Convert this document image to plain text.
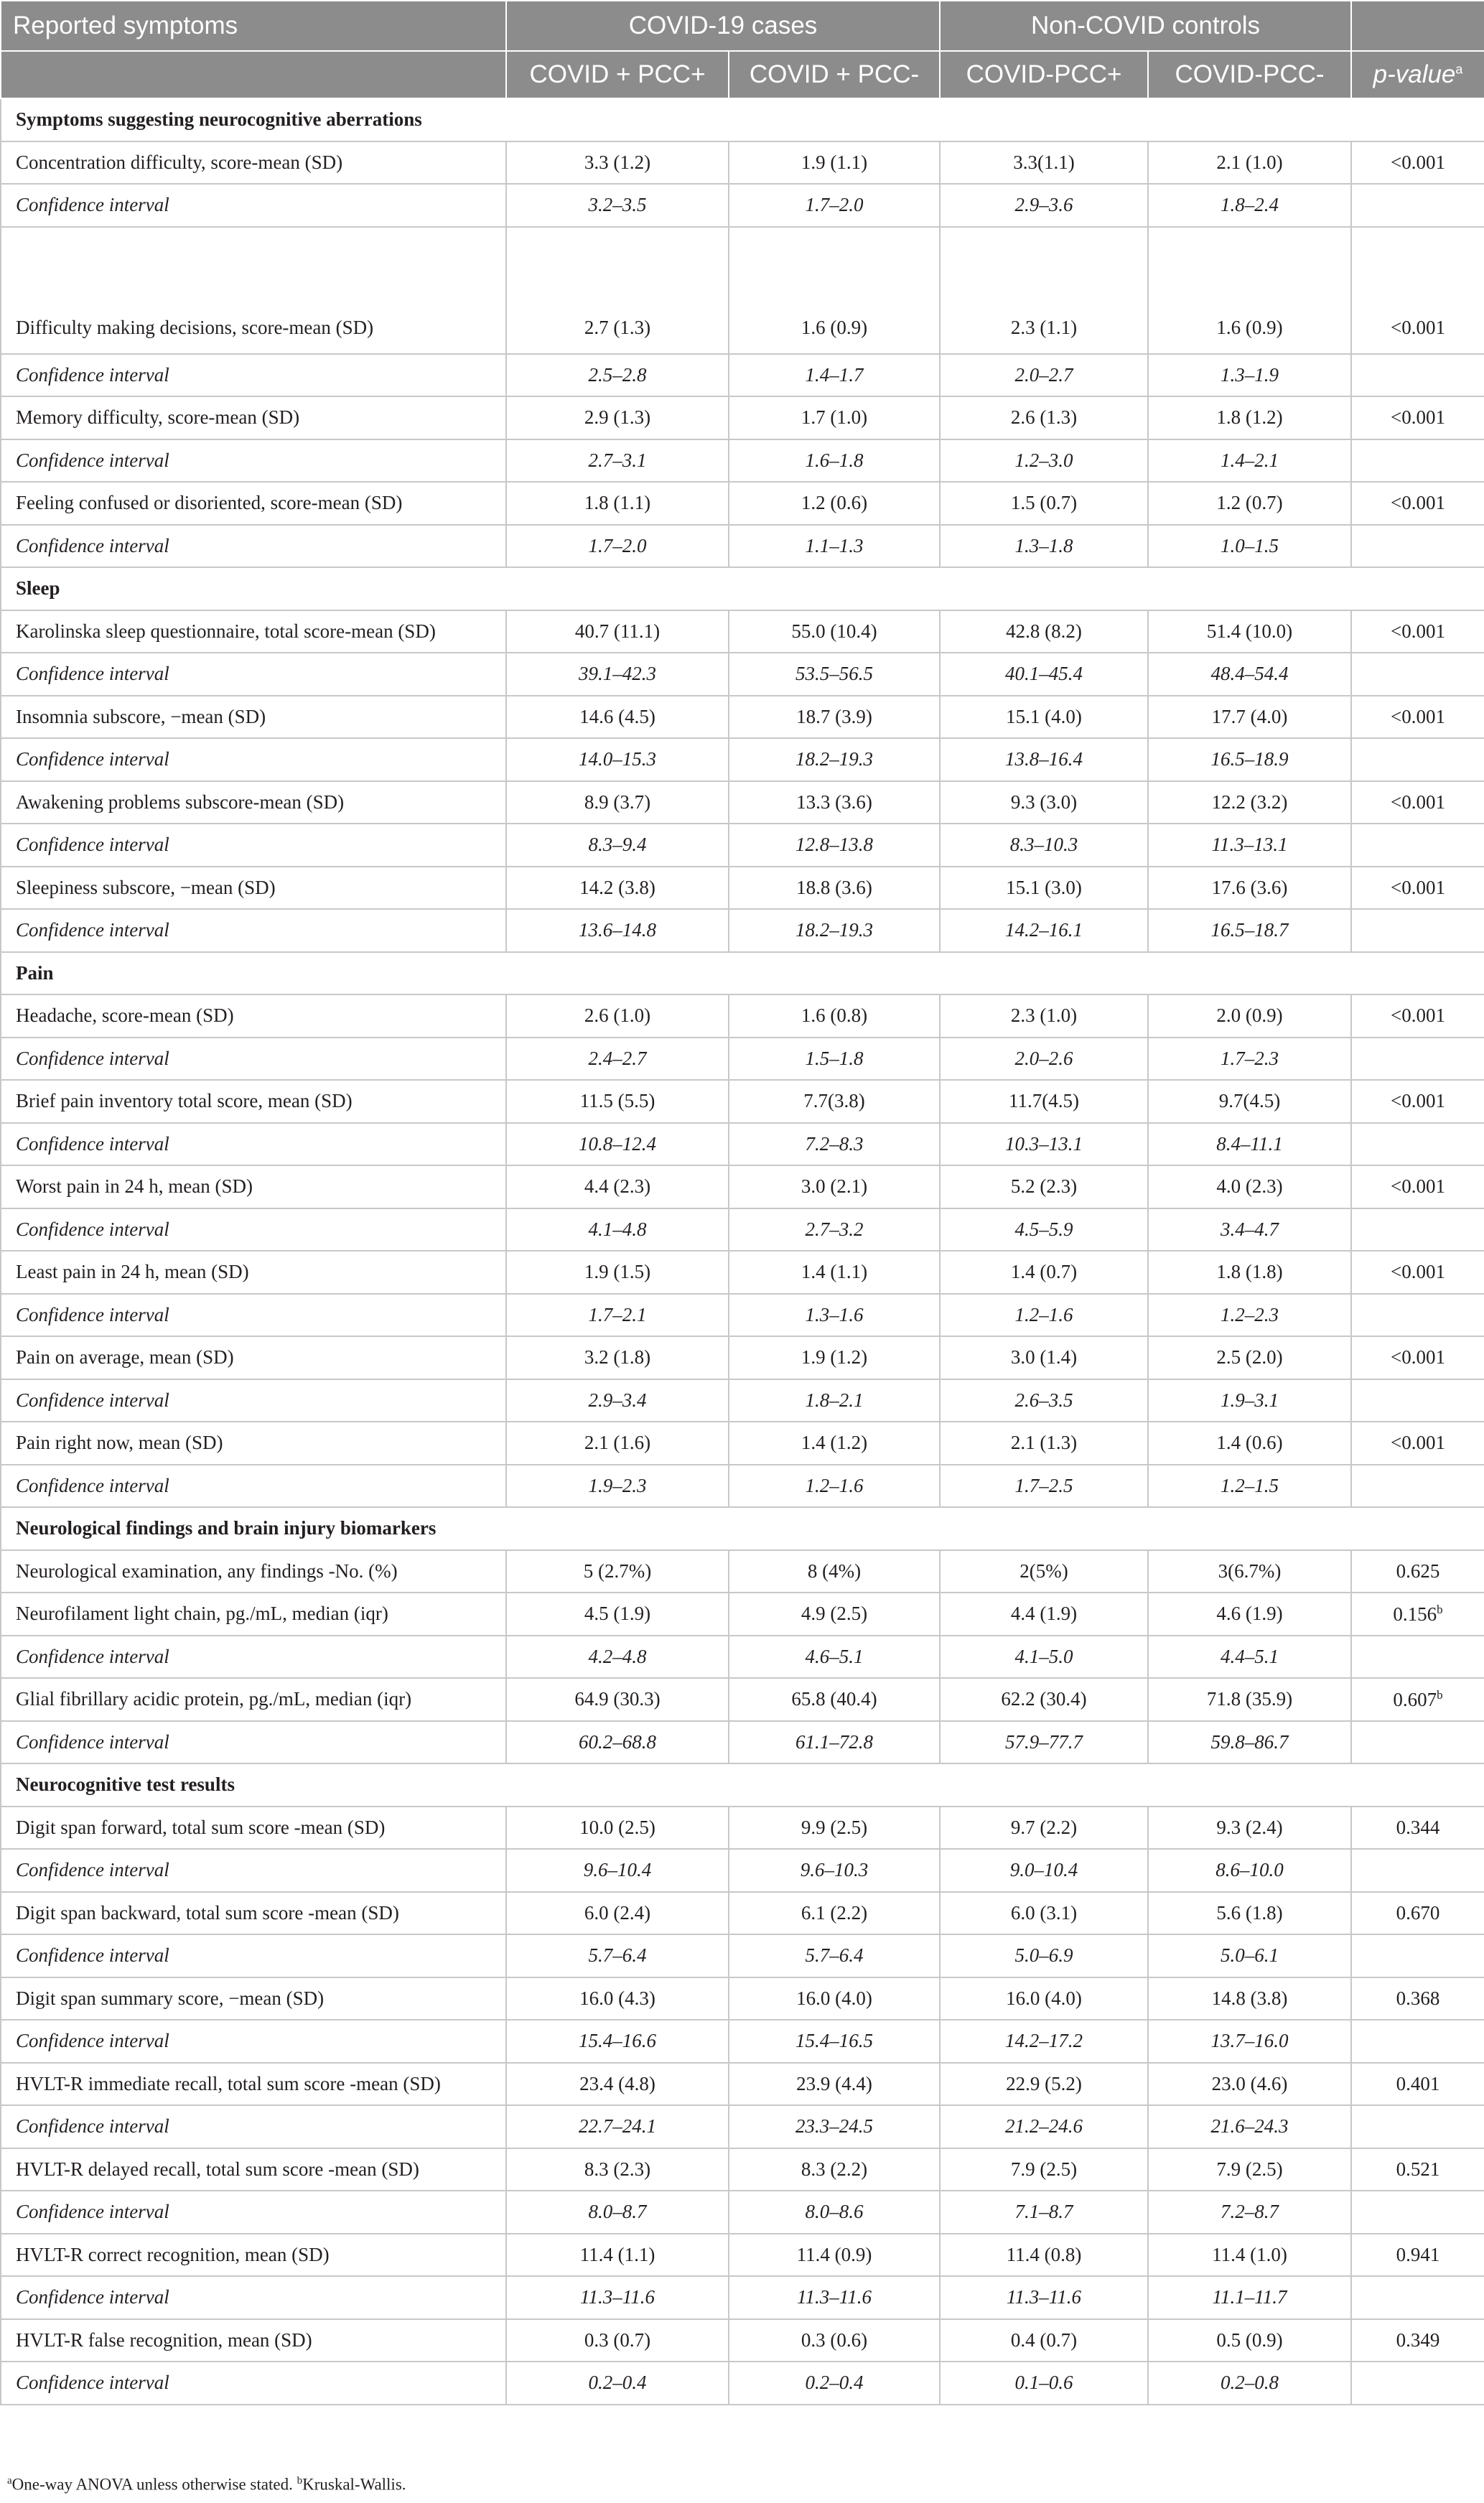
Reported symptoms	COVID-19 cases		Non-COVID controls		
	COVID + PCC+	COVID + PCC-	COVID-PCC+	COVID-PCC-	p-value$^a$
Symptoms suggesting neurocognitive aberrations					
Concentration difficulty, score-mean (SD)	3.3 (1.2)	1.9 (1.1)	3.3(1.1)	2.1 (1.0)	<0.001
Confidence interval	3.2–3.5	1.7–2.0	2.9–3.6	1.8–2.4	
Difficulty making decisions, score-mean (SD)	2.7 (1.3)	1.6 (0.9)	2.3 (1.1)	1.6 (0.9)	<0.001
Confidence interval	2.5–2.8	1.4–1.7	2.0–2.7	1.3–1.9	
Memory difficulty, score-mean (SD)	2.9 (1.3)	1.7 (1.0)	2.6 (1.3)	1.8 (1.2)	<0.001
Confidence interval	2.7–3.1	1.6–1.8	1.2–3.0	1.4–2.1	
Feeling confused or disoriented, score-mean (SD)	1.8 (1.1)	1.2 (0.6)	1.5 (0.7)	1.2 (0.7)	<0.001
Confidence interval	1.7–2.0	1.1–1.3	1.3–1.8	1.0–1.5	
Sleep					
Karolinska sleep questionnaire, total score-mean (SD)	40.7 (11.1)	55.0 (10.4)	42.8 (8.2)	51.4 (10.0)	<0.001
Confidence interval	39.1–42.3	53.5–56.5	40.1–45.4	48.4–54.4	
Insomnia subscore, −mean (SD)	14.6 (4.5)	18.7 (3.9)	15.1 (4.0)	17.7 (4.0)	<0.001
Confidence interval	14.0–15.3	18.2–19.3	13.8–16.4	16.5–18.9	
Awakening problems subscore-mean (SD)	8.9 (3.7)	13.3 (3.6)	9.3 (3.0)	12.2 (3.2)	<0.001
Confidence interval	8.3–9.4	12.8–13.8	8.3–10.3	11.3–13.1	
Sleepiness subscore, −mean (SD)	14.2 (3.8)	18.8 (3.6)	15.1 (3.0)	17.6 (3.6)	<0.001
Confidence interval	13.6–14.8	18.2–19.3	14.2–16.1	16.5–18.7	
Pain					
Headache, score-mean (SD)	2.6 (1.0)	1.6 (0.8)	2.3 (1.0)	2.0 (0.9)	<0.001
Confidence interval	2.4–2.7	1.5–1.8	2.0–2.6	1.7–2.3	
Brief pain inventory total score, mean (SD)	11.5 (5.5)	7.7(3.8)	11.7(4.5)	9.7(4.5)	<0.001
Confidence interval	10.8–12.4	7.2–8.3	10.3–13.1	8.4–11.1	
Worst pain in 24 h, mean (SD)	4.4 (2.3)	3.0 (2.1)	5.2 (2.3)	4.0 (2.3)	<0.001
Confidence interval	4.1–4.8	2.7–3.2	4.5–5.9	3.4–4.7	
Least pain in 24 h, mean (SD)	1.9 (1.5)	1.4 (1.1)	1.4 (0.7)	1.8 (1.8)	<0.001
Confidence interval	1.7–2.1	1.3–1.6	1.2–1.6	1.2–2.3	
Pain on average, mean (SD)	3.2 (1.8)	1.9 (1.2)	3.0 (1.4)	2.5 (2.0)	<0.001
Confidence interval	2.9–3.4	1.8–2.1	2.6–3.5	1.9–3.1	
Pain right now, mean (SD)	2.1 (1.6)	1.4 (1.2)	2.1 (1.3)	1.4 (0.6)	<0.001
Confidence interval	1.9–2.3	1.2–1.6	1.7–2.5	1.2–1.5	
Neurological findings and brain injury biomarkers					
Neurological examination, any findings -No. (%)	5 (2.7%)	8 (4%)	2(5%)	3(6.7%)	0.625
Neurofilament light chain, pg./mL, median (iqr)	4.5 (1.9)	4.9 (2.5)	4.4 (1.9)	4.6 (1.9)	0.156$^b$
Confidence interval	4.2–4.8	4.6–5.1	4.1–5.0	4.4–5.1	
Glial fibrillary acidic protein, pg./mL, median (iqr)	64.9 (30.3)	65.8 (40.4)	62.2 (30.4)	71.8 (35.9)	0.607$^b$
Confidence interval	60.2–68.8	61.1–72.8	57.9–77.7	59.8–86.7	
Neurocognitive test results					
Digit span forward, total sum score -mean (SD)	10.0 (2.5)	9.9 (2.5)	9.7 (2.2)	9.3 (2.4)	0.344
Confidence interval	9.6–10.4	9.6–10.3	9.0–10.4	8.6–10.0	
Digit span backward, total sum score -mean (SD)	6.0 (2.4)	6.1 (2.2)	6.0 (3.1)	5.6 (1.8)	0.670
Confidence interval	5.7–6.4	5.7–6.4	5.0–6.9	5.0–6.1	
Digit span summary score, −mean (SD)	16.0 (4.3)	16.0 (4.0)	16.0 (4.0)	14.8 (3.8)	0.368
Confidence interval	15.4–16.6	15.4–16.5	14.2–17.2	13.7–16.0	
HVLT-R immediate recall, total sum score -mean (SD)	23.4 (4.8)	23.9 (4.4)	22.9 (5.2)	23.0 (4.6)	0.401
Confidence interval	22.7–24.1	23.3–24.5	21.2–24.6	21.6–24.3	
HVLT-R delayed recall, total sum score -mean (SD)	8.3 (2.3)	8.3 (2.2)	7.9 (2.5)	7.9 (2.5)	0.521
Confidence interval	8.0–8.7	8.0–8.6	7.1–8.7	7.2–8.7	
HVLT-R correct recognition, mean (SD)	11.4 (1.1)	11.4 (0.9)	11.4 (0.8)	11.4 (1.0)	0.941
Confidence interval	11.3–11.6	11.3–11.6	11.3–11.6	11.1–11.7	
HVLT-R false recognition, mean (SD)	0.3 (0.7)	0.3 (0.6)	0.4 (0.7)	0.5 (0.9)	0.349
Confidence interval	0.2–0.4	0.2–0.4	0.1–0.6	0.2–0.8	
$^a$One-way ANOVA unless otherwise stated. $^b$Kruskal-Wallis.
